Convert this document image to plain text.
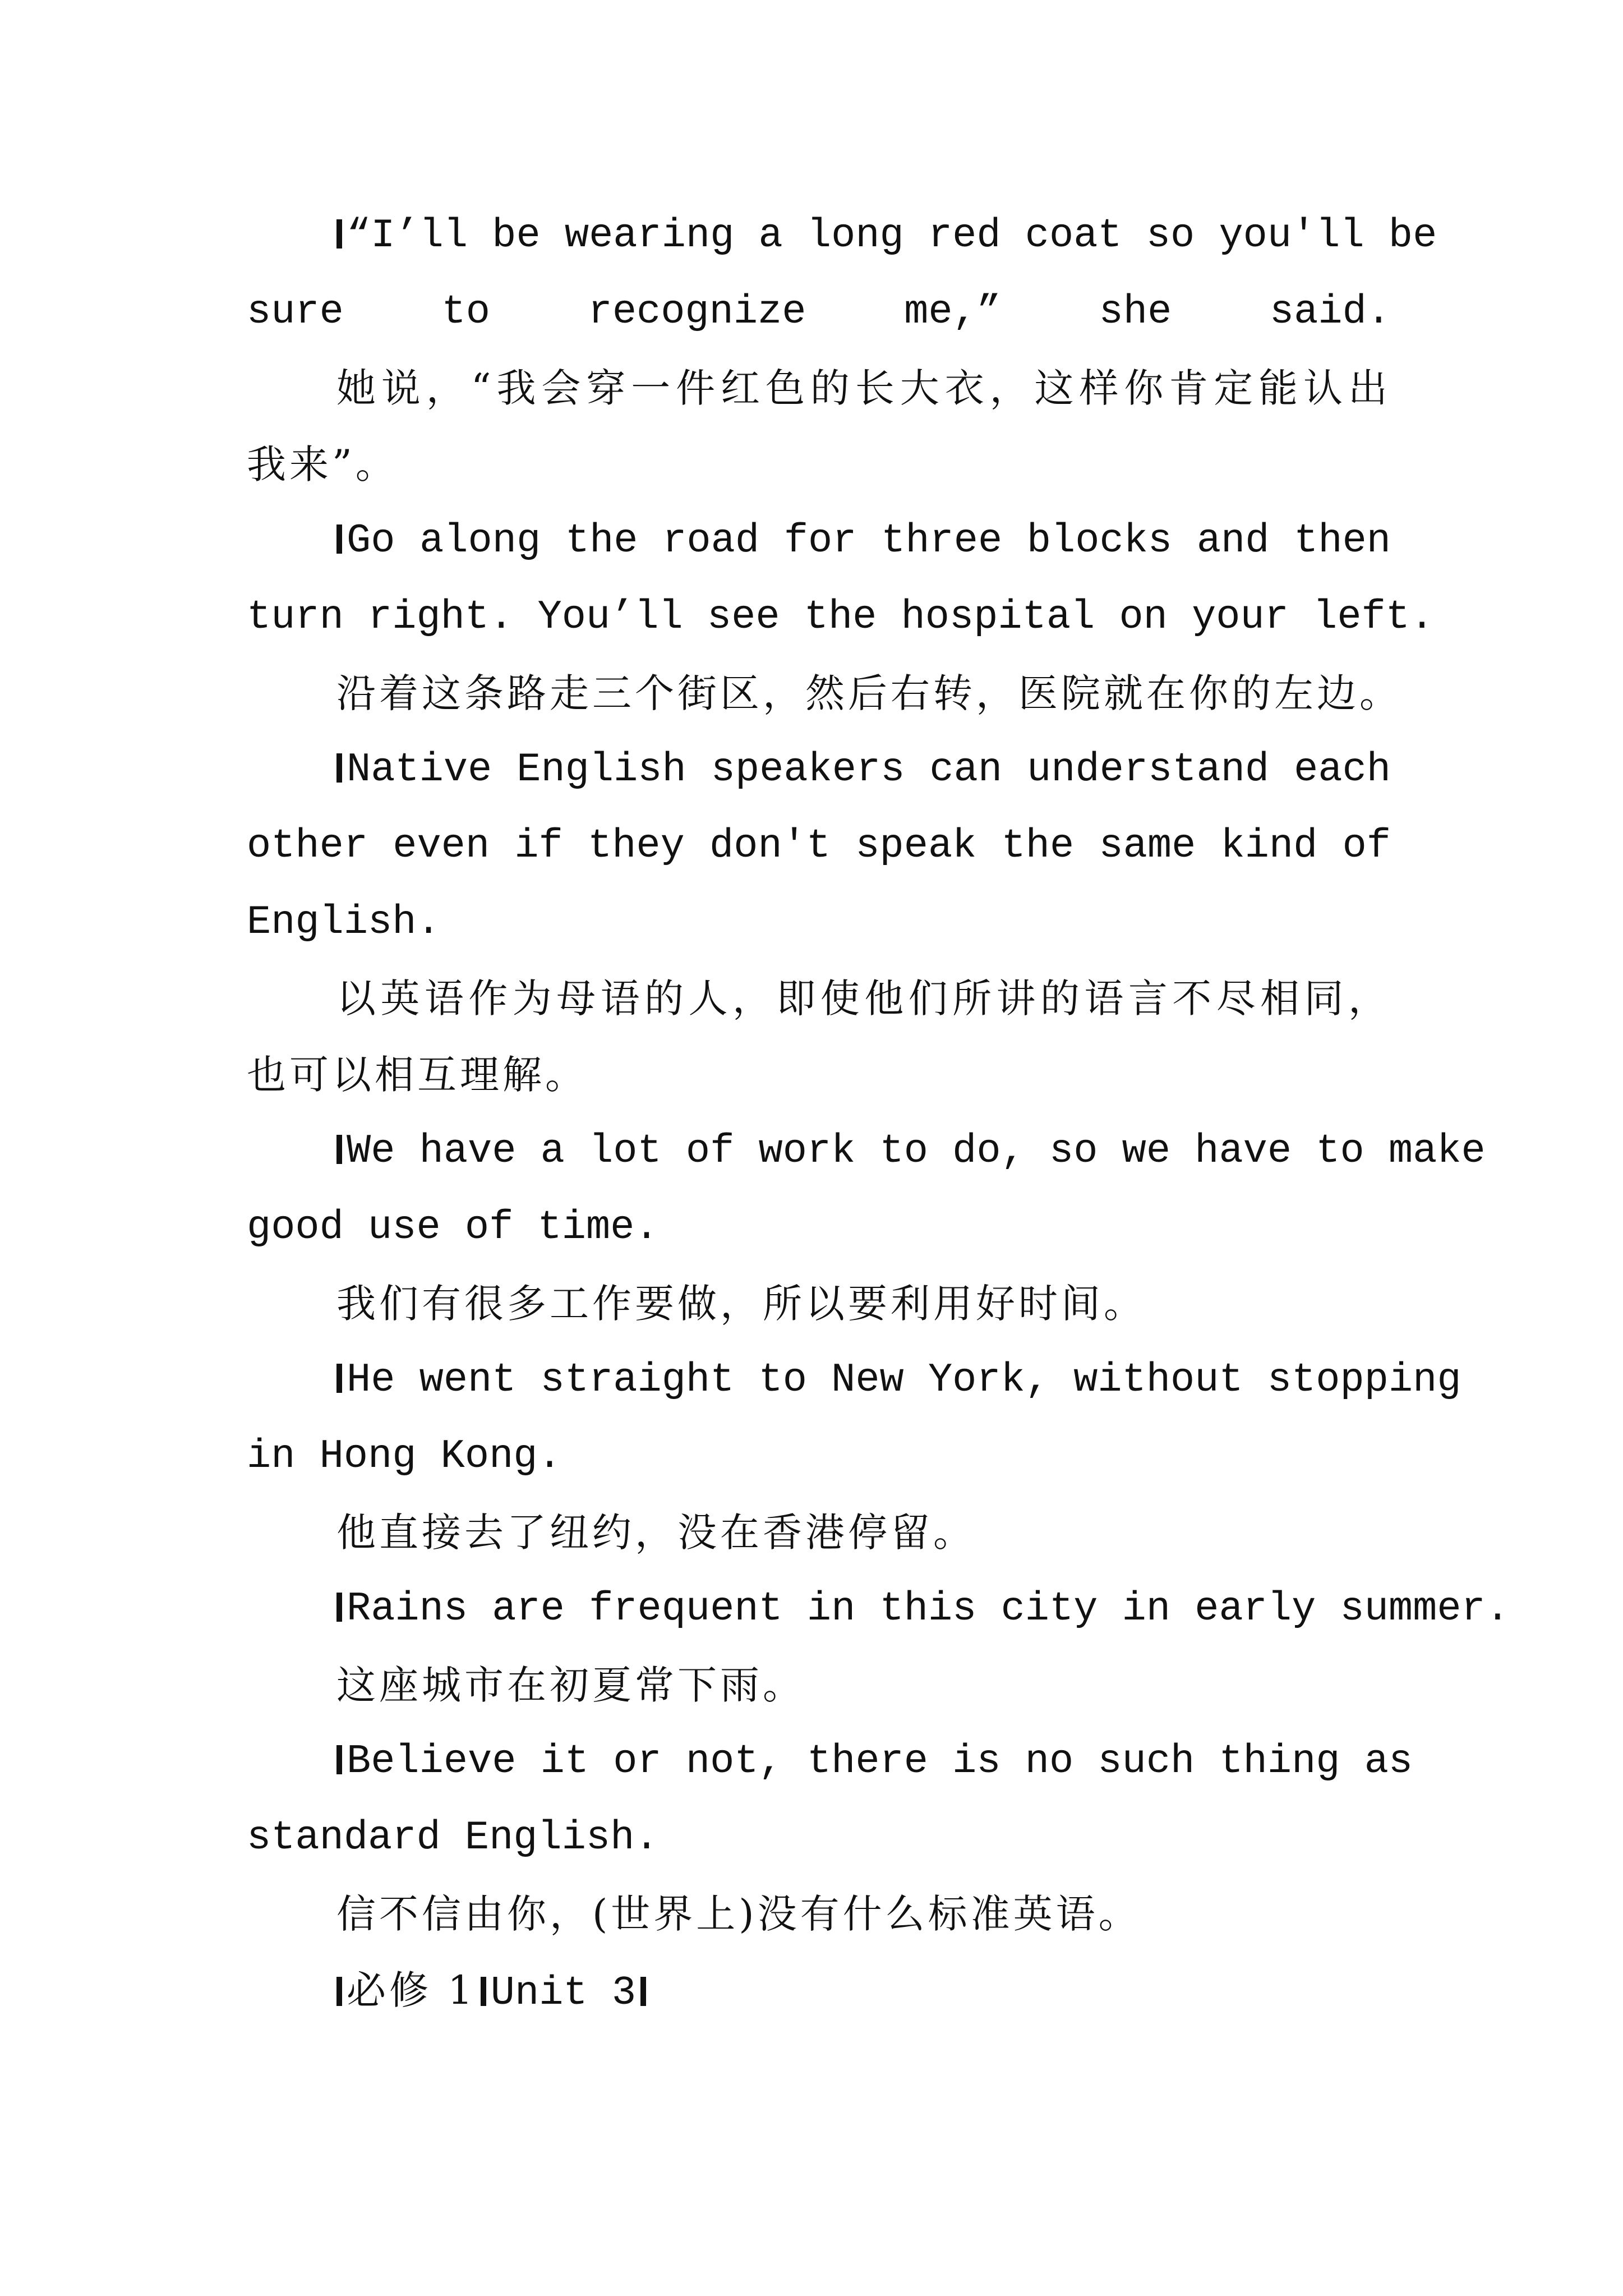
“I’ll be wearing a long red coat so you'll be
sure to recognize me,” she said.
她说，“我会穿一件红色的长大衣，这样你肯定能认出
我来”。
Go along the road for three blocks and then
turn right. You’ll see the hospital on your left.
沿着这条路走三个街区，然后右转，医院就在你的左边。
Native English speakers can understand each
other even if they don't speak the same kind of
English.
以英语作为母语的人，即使他们所讲的语言不尽相同，
也可以相互理解。
We have a lot of work to do, so we have to make
good use of time.
我们有很多工作要做，所以要利用好时间。
He went straight to New York, without stopping
in Hong Kong.
他直接去了纽约，没在香港停留。
Rains are frequent in this city in early summer.
这座城市在初夏常下雨。
Believe it or not, there is no such thing as
standard English.
信不信由你，(世界上)没有什么标准英语。
必修 1 Unit 3
